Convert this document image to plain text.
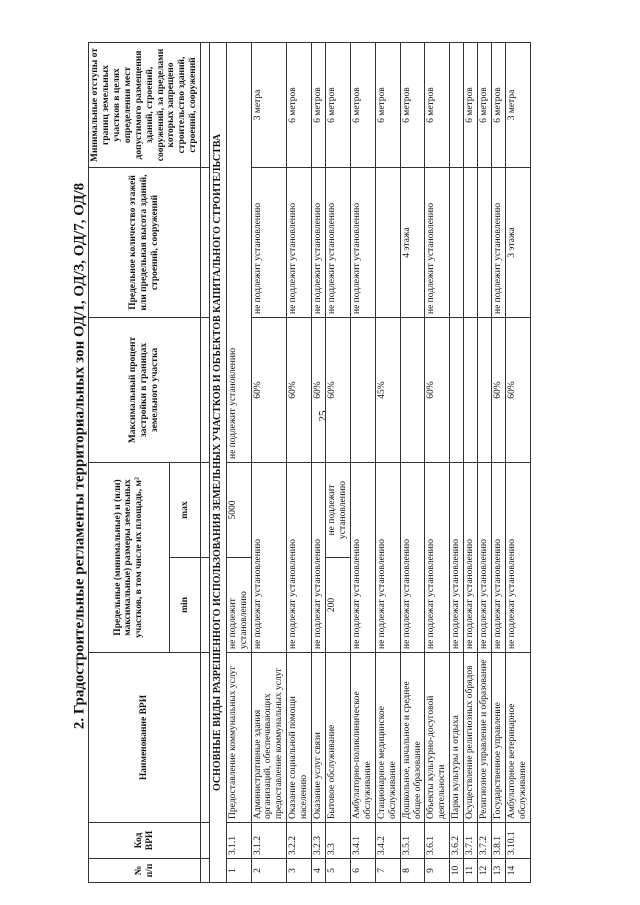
25
2. Градостроительные регламенты территориальных зон ОД/1, ОД/3, ОД/7, ОД/8
№ п/п	Код ВРИ	Наименование ВРИ	Предельные (минимальные) и (или) максимальные) размеры земельных участков, в том числе их площадь, м²		Максимальный процент застройки в границах земельного участка	Предельное количество этажей или предельная высота зданий, строений, сооружений	Минимальные отступы от границ земельных участков в целях определения мест допустимого размещения зданий, строений, сооружений, за пределами которых запрещено строительство зданий, строений, сооружений
			min	max			

ОСНОВНЫЕ ВИДЫ РАЗРЕШЕННОГО ИСПОЛЬЗОВАНИЯ ЗЕМЕЛЬНЫХ УЧАСТКОВ И ОБЪЕКТОВ КАПИТАЛЬНОГО СТРОИТЕЛЬСТВА							
1	3.1.1	Предоставление коммунальных услуг	не подлежит установлению	5000	не подлежит установлению		
2	3.1.2	Административные здания организаций, обеспечивающих предоставление коммунальных услуг	не подлежат установлению		60%	не подлежит установлению	3 метра
3	3.2.2	Оказание социальной помощи населению	не подлежат установлению		60%	не подлежит установлению	6 метров
4	3.2.3	Оказание услуг связи	не подлежат установлению		60%	не подлежит установлению	6 метров
5	3.3	Бытовое обслуживание	200	не подлежит установлению	60%	не подлежит установлению	6 метров
6	3.4.1	Амбулаторно-поликлиническое обслуживание	не подлежат установлению			не подлежит установлению	6 метров
7	3.4.2	Стационарное медицинское обслуживание	не подлежат установлению		45%		6 метров
8	3.5.1	Дошкольное, начальное и среднее общее образование	не подлежат установлению			4 этажа	6 метров
9	3.6.1	Объекты культурно-досуговой деятельности	не подлежат установлению		60%	не подлежит установлению	6 метров
10	3.6.2	Парки культуры и отдыха	не подлежат установлению				
11	3.7.1	Осуществление религиозных обрядов	не подлежат установлению				6 метров
12	3.7.2	Религиозное управление и образование	не подлежат установлению				6 метров
13	3.8.1	Государственное управление	не подлежат установлению		60%	не подлежит установлению	6 метров
14	3.10.1	Амбулаторное ветеринарное обслуживание	не подлежат установлению		60%	3 этажа	3 метра
